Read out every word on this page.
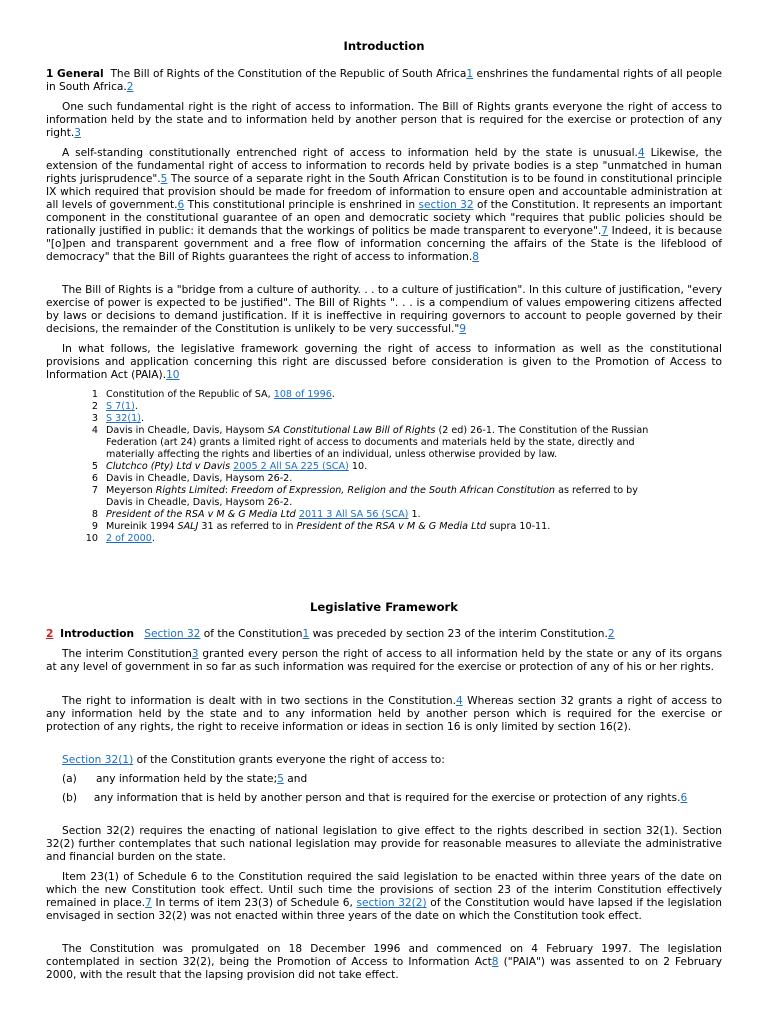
Introduction

1 General The Bill of Rights of the Constitution of the Republic of South Africa1 enshrines the fundamental rights of all people in South Africa.2

One such fundamental right is the right of access to information. The Bill of Rights grants everyone the right of access to information held by the state and to information held by another person that is required for the exercise or protection of any right.3

A self-standing constitutionally entrenched right of access to information held by the state is unusual.4 Likewise, the extension of the fundamental right of access to information to records held by private bodies is a step "unmatched in human rights jurisprudence".5 The source of a separate right in the South African Constitution is to be found in constitutional principle IX which required that provision should be made for freedom of information to ensure open and accountable administration at all levels of government.6 This constitutional principle is enshrined in section 32 of the Constitution. It represents an important component in the constitutional guarantee of an open and democratic society which "requires that public policies should be rationally justified in public: it demands that the workings of politics be made transparent to everyone".7 Indeed, it is because "[o]pen and transparent government and a free flow of information concerning the affairs of the State is the lifeblood of democracy" that the Bill of Rights guarantees the right of access to information.8

The Bill of Rights is a "bridge from a culture of authority. . . to a culture of justification". In this culture of justification, "every exercise of power is expected to be justified". The Bill of Rights ". . . is a compendium of values empowering citizens affected by laws or decisions to demand justification. If it is ineffective in requiring governors to account to people governed by their decisions, the remainder of the Constitution is unlikely to be very successful."9

In what follows, the legislative framework governing the right of access to information as well as the constitutional provisions and application concerning this right are discussed before consideration is given to the Promotion of Access to Information Act (PAIA).10

1 Constitution of the Republic of SA, 108 of 1996.
2 S 7(1).
3 S 32(1).
4 Davis in Cheadle, Davis, Haysom SA Constitutional Law Bill of Rights (2 ed) 26-1. The Constitution of the Russian Federation (art 24) grants a limited right of access to documents and materials held by the state, directly and materially affecting the rights and liberties of an individual, unless otherwise provided by law.
5 Clutchco (Pty) Ltd v Davis 2005 2 All SA 225 (SCA) 10.
6 Davis in Cheadle, Davis, Haysom 26-2.
7 Meyerson Rights Limited: Freedom of Expression, Religion and the South African Constitution as referred to by Davis in Cheadle, Davis, Haysom 26-2.
8 President of the RSA v M & G Media Ltd 2011 3 All SA 56 (SCA) 1.
9 Mureinik 1994 SALJ 31 as referred to in President of the RSA v M & G Media Ltd supra 10-11.
10 2 of 2000.
Legislative Framework

2 Introduction Section 32 of the Constitution1 was preceded by section 23 of the interim Constitution.2

The interim Constitution3 granted every person the right of access to all information held by the state or any of its organs at any level of government in so far as such information was required for the exercise or protection of any of his or her rights.

The right to information is dealt with in two sections in the Constitution.4 Whereas section 32 grants a right of access to any information held by the state and to any information held by another person which is required for the exercise or protection of any rights, the right to receive information or ideas in section 16 is only limited by section 16(2).

Section 32(1) of the Constitution grants everyone the right of access to:

(a)	any information held by the state;5 and

(b) any information that is held by another person and that is required for the exercise or protection of any rights.6

Section 32(2) requires the enacting of national legislation to give effect to the rights described in section 32(1). Section 32(2) further contemplates that such national legislation may provide for reasonable measures to alleviate the administrative and financial burden on the state.

Item 23(1) of Schedule 6 to the Constitution required the said legislation to be enacted within three years of the date on which the new Constitution took effect. Until such time the provisions of section 23 of the interim Constitution effectively remained in place.7 In terms of item 23(3) of Schedule 6, section 32(2) of the Constitution would have lapsed if the legislation envisaged in section 32(2) was not enacted within three years of the date on which the Constitution took effect.

The Constitution was promulgated on 18 December 1996 and commenced on 4 February 1997. The legislation contemplated in section 32(2), being the Promotion of Access to Information Act8 ("PAIA") was assented to on 2 February 2000, with the result that the lapsing provision did not take effect.
